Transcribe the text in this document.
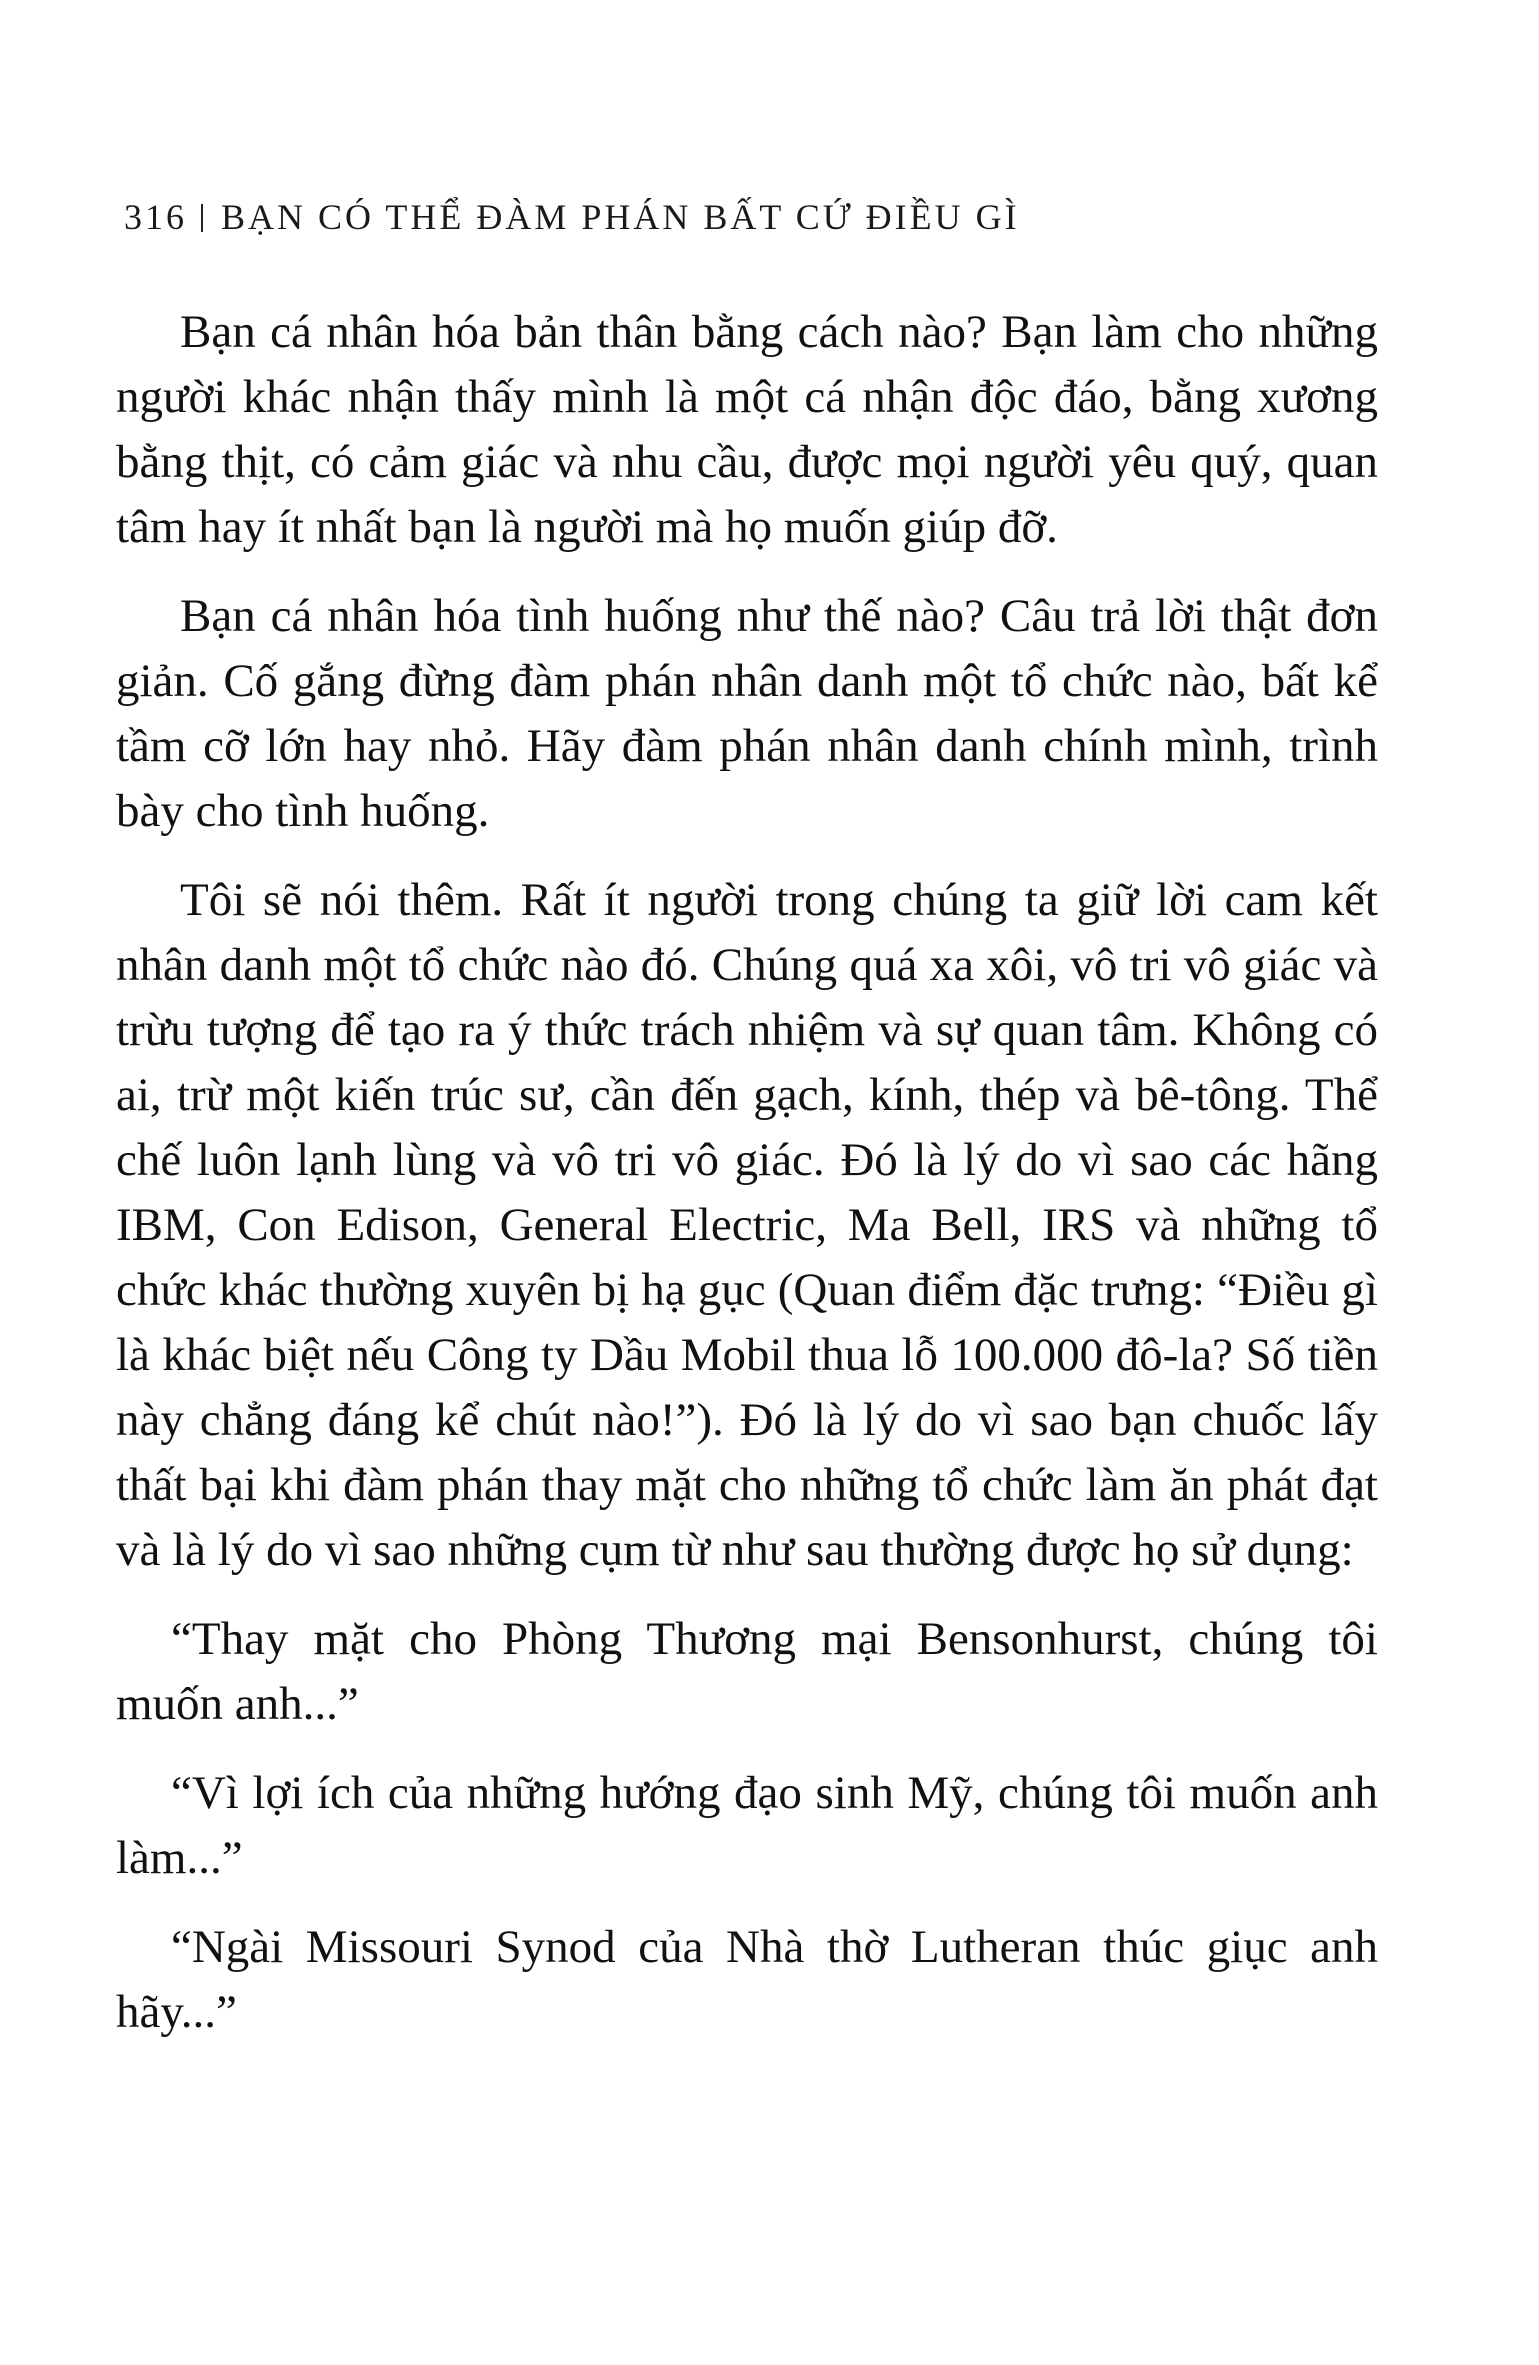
316 BẠN CÓ THỂ ĐÀM PHÁN BẤT CỨ ĐIỀU GÌ

Bạn cá nhân hóa bản thân bằng cách nào? Bạn làm cho những người khác nhận thấy mình là một cá nhận độc đáo, bằng xương bằng thịt, có cảm giác và nhu cầu, được mọi người yêu quý, quan tâm hay ít nhất bạn là người mà họ muốn giúp đỡ.

Bạn cá nhân hóa tình huống như thế nào? Câu trả lời thật đơn giản. Cố gắng đừng đàm phán nhân danh một tổ chức nào, bất kể tầm cỡ lớn hay nhỏ. Hãy đàm phán nhân danh chính mình, trình bày cho tình huống.

Tôi sẽ nói thêm. Rất ít người trong chúng ta giữ lời cam kết nhân danh một tổ chức nào đó. Chúng quá xa xôi, vô tri vô giác và trừu tượng để tạo ra ý thức trách nhiệm và sự quan tâm. Không có ai, trừ một kiến trúc sư, cần đến gạch, kính, thép và bê-tông. Thể chế luôn lạnh lùng và vô tri vô giác. Đó là lý do vì sao các hãng IBM, Con Edison, General Electric, Ma Bell, IRS và những tổ chức khác thường xuyên bị hạ gục (Quan điểm đặc trưng: “Điều gì là khác biệt nếu Công ty Dầu Mobil thua lỗ 100.000 đô-la? Số tiền này chẳng đáng kể chút nào!”). Đó là lý do vì sao bạn chuốc lấy thất bại khi đàm phán thay mặt cho những tổ chức làm ăn phát đạt và là lý do vì sao những cụm từ như sau thường được họ sử dụng:

“Thay mặt cho Phòng Thương mại Bensonhurst, chúng tôi muốn anh...”

“Vì lợi ích của những hướng đạo sinh Mỹ, chúng tôi muốn anh làm...”

“Ngài Missouri Synod của Nhà thờ Lutheran thúc giục anh hãy...”
